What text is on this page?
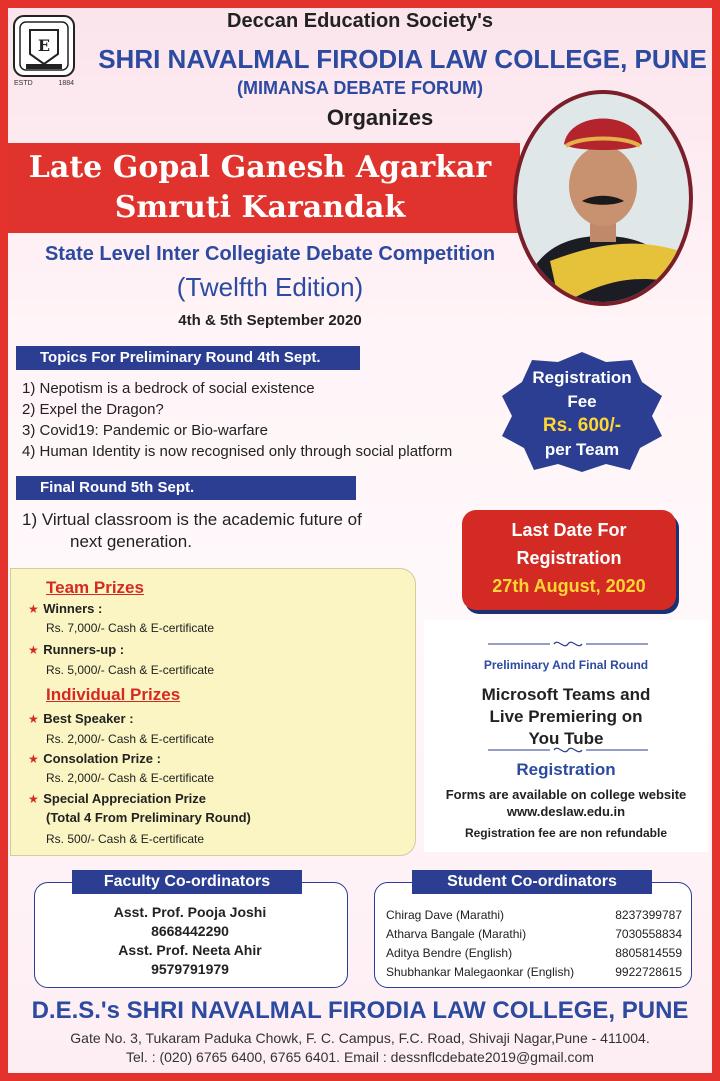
E
ESTD	1884
Deccan Education Society's
SHRI NAVALMAL FIRODIA LAW COLLEGE, PUNE
(MIMANSA DEBATE FORUM)
Organizes
Late Gopal Ganesh Agarkar
Smruti Karandak
State Level Inter Collegiate Debate Competition
(Twelfth Edition)
4th & 5th September 2020
Topics For Preliminary Round 4th Sept.
1) Nepotism is a bedrock of social existence
2) Expel the Dragon?
3) Covid19: Pandemic or Bio-warfare
4) Human Identity is now recognised only through social platform
Final Round 5th Sept.
1) Virtual classroom is the academic future of
next generation.
Registration
Fee
Rs. 600/-
per Team
Last Date For
Registration
27th August, 2020
Team Prizes
★ Winners :
Rs. 7,000/- Cash & E-certificate
★ Runners-up :
Rs. 5,000/- Cash & E-certificate
Individual Prizes
★ Best Speaker :
Rs. 2,000/- Cash & E-certificate
★ Consolation Prize :
Rs. 2,000/- Cash & E-certificate
★ Special Appreciation Prize
(Total 4 From Preliminary Round)
Rs. 500/- Cash & E-certificate
Preliminary And Final Round
Microsoft Teams and
Live Premiering on
You Tube
Registration
Forms are available on college website
www.deslaw.edu.in
Registration fee are non refundable
Faculty Co-ordinators
Asst. Prof. Pooja Joshi
8668442290
Asst. Prof. Neeta Ahir
9579791979
Student Co-ordinators
Chirag Dave (Marathi)	8237399787
Atharva Bangale (Marathi)	7030558834
Aditya Bendre (English)	8805814559
Shubhankar Malegaonkar (English)	9922728615
D.E.S.'s SHRI NAVALMAL FIRODIA LAW COLLEGE, PUNE
Gate No. 3, Tukaram Paduka Chowk, F. C. Campus, F.C. Road, Shivaji Nagar,Pune - 411004.
Tel. : (020) 6765 6400, 6765 6401. Email : dessnflcdebate2019@gmail.com
